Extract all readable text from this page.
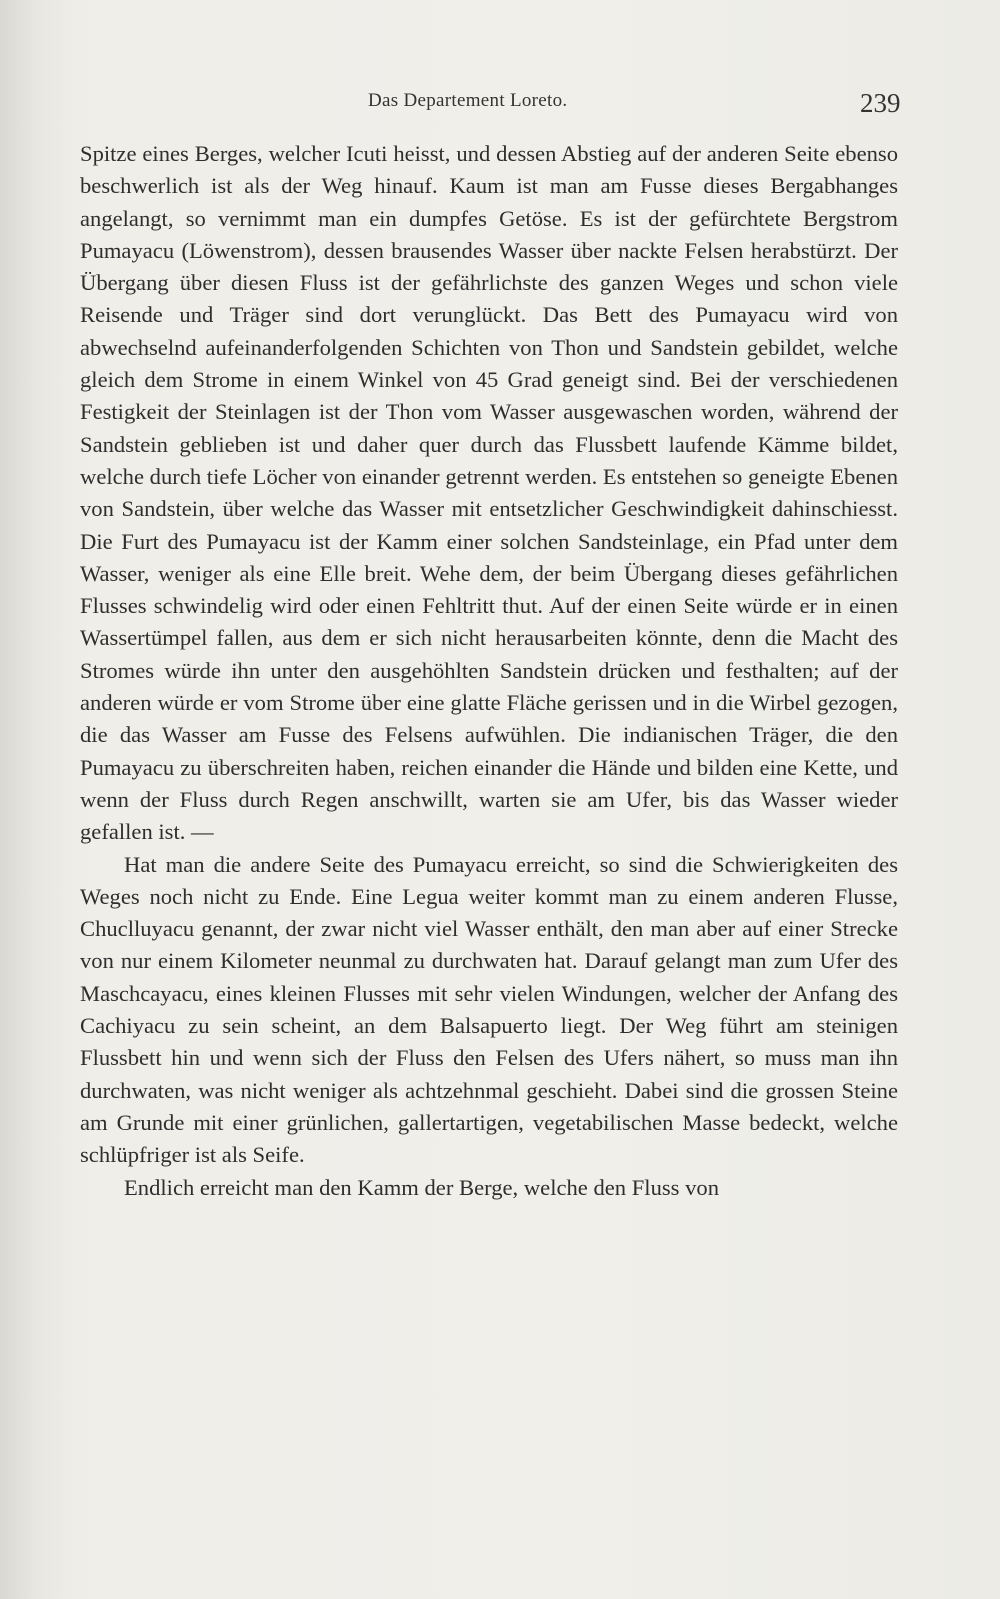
Das Departement Loreto.	239

Spitze eines Berges, welcher Icuti heisst, und dessen Abstieg auf der anderen Seite ebenso beschwerlich ist als der Weg hinauf. Kaum ist man am Fusse dieses Bergabhanges angelangt, so vernimmt man ein dumpfes Getöse. Es ist der gefürchtete Bergstrom Pumayacu (Löwenstrom), dessen brausendes Wasser über nackte Felsen herabstürzt. Der Übergang über diesen Fluss ist der gefährlichste des ganzen Weges und schon viele Reisende und Träger sind dort verunglückt. Das Bett des Pumayacu wird von abwechselnd aufeinanderfolgenden Schichten von Thon und Sandstein gebildet, welche gleich dem Strome in einem Winkel von 45 Grad geneigt sind. Bei der verschiedenen Festigkeit der Steinlagen ist der Thon vom Wasser ausgewaschen worden, während der Sandstein geblieben ist und daher quer durch das Flussbett laufende Kämme bildet, welche durch tiefe Löcher von einander getrennt werden. Es entstehen so geneigte Ebenen von Sandstein, über welche das Wasser mit entsetzlicher Geschwindigkeit dahinschiesst. Die Furt des Pumayacu ist der Kamm einer solchen Sandsteinlage, ein Pfad unter dem Wasser, weniger als eine Elle breit. Wehe dem, der beim Übergang dieses gefährlichen Flusses schwindelig wird oder einen Fehltritt thut. Auf der einen Seite würde er in einen Wassertümpel fallen, aus dem er sich nicht herausarbeiten könnte, denn die Macht des Stromes würde ihn unter den ausgehöhlten Sandstein drücken und festhalten; auf der anderen würde er vom Strome über eine glatte Fläche gerissen und in die Wirbel gezogen, die das Wasser am Fusse des Felsens aufwühlen. Die indianischen Träger, die den Pumayacu zu überschreiten haben, reichen einander die Hände und bilden eine Kette, und wenn der Fluss durch Regen anschwillt, warten sie am Ufer, bis das Wasser wieder gefallen ist. —

Hat man die andere Seite des Pumayacu erreicht, so sind die Schwierigkeiten des Weges noch nicht zu Ende. Eine Legua weiter kommt man zu einem anderen Flusse, Chuclluyacu genannt, der zwar nicht viel Wasser enthält, den man aber auf einer Strecke von nur einem Kilometer neunmal zu durchwaten hat. Darauf gelangt man zum Ufer des Maschcayacu, eines kleinen Flusses mit sehr vielen Windungen, welcher der Anfang des Cachiyacu zu sein scheint, an dem Balsapuerto liegt. Der Weg führt am steinigen Flussbett hin und wenn sich der Fluss den Felsen des Ufers nähert, so muss man ihn durchwaten, was nicht weniger als achtzehnmal geschieht. Dabei sind die grossen Steine am Grunde mit einer grünlichen, gallertartigen, vegetabilischen Masse bedeckt, welche schlüpfriger ist als Seife.

Endlich erreicht man den Kamm der Berge, welche den Fluss von
